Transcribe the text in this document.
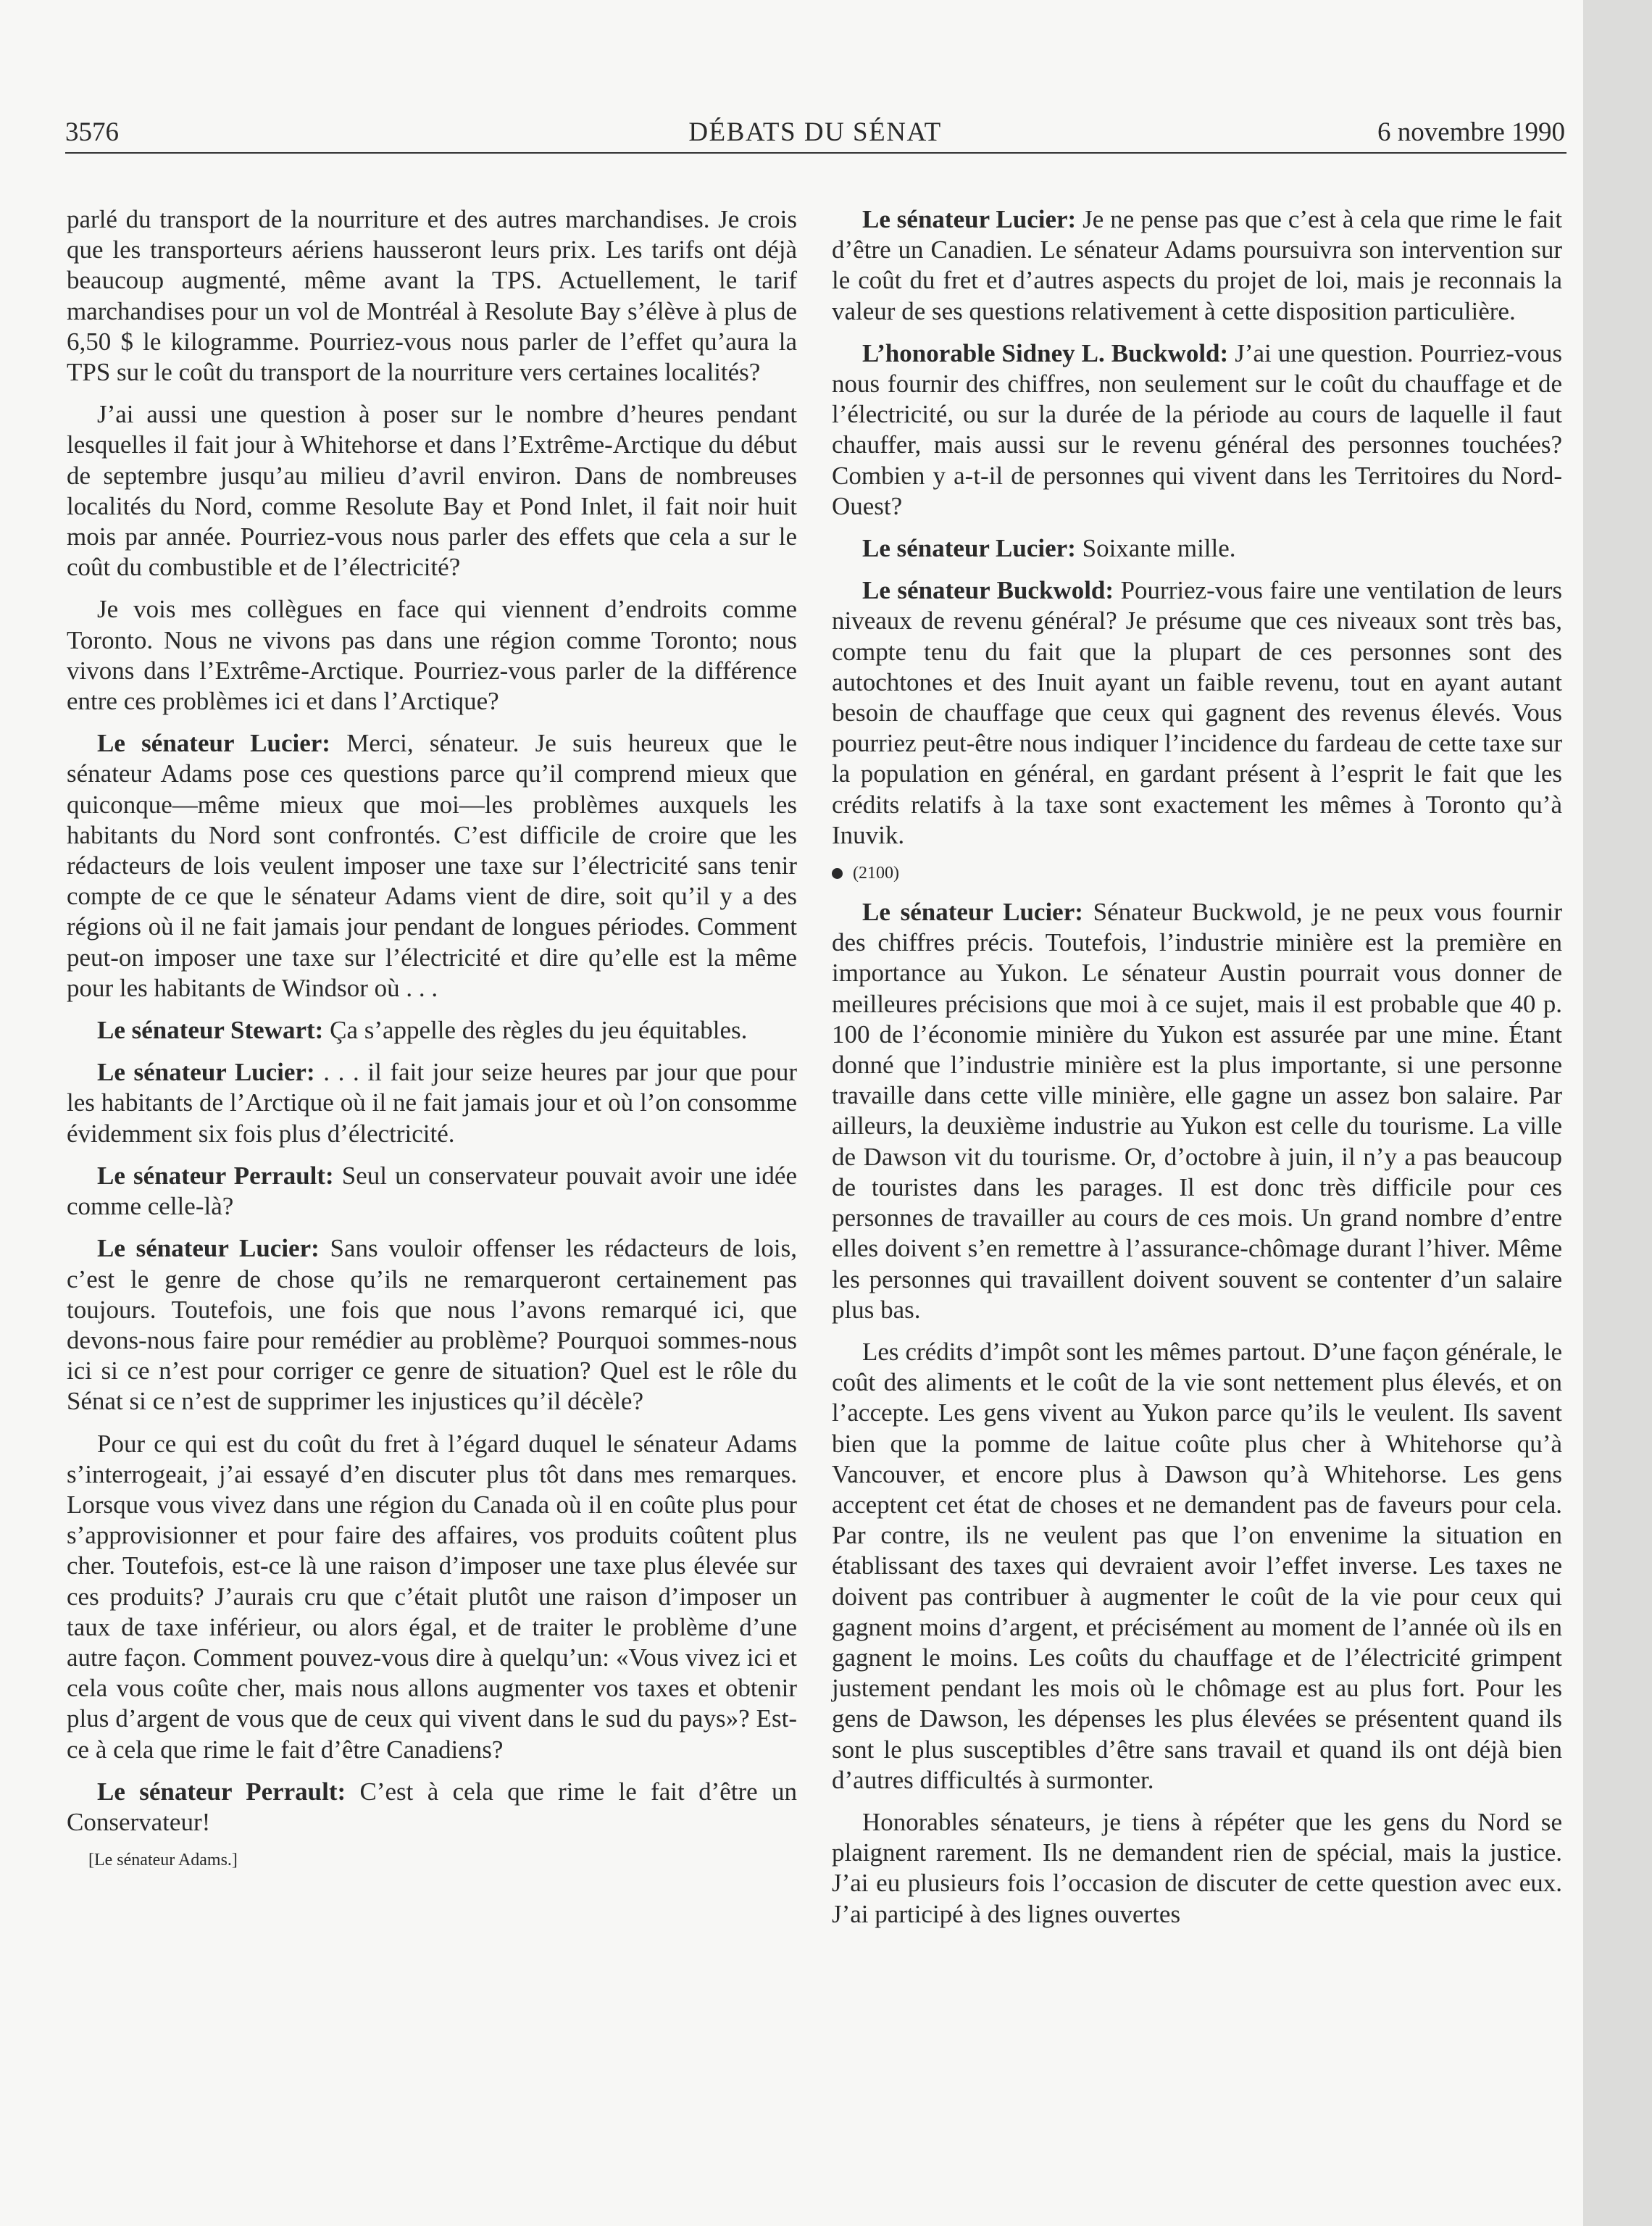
3576	DÉBATS DU SÉNAT	6 novembre 1990

parlé du transport de la nourriture et des autres marchandises. Je crois que les transporteurs aériens hausseront leurs prix. Les tarifs ont déjà beaucoup augmenté, même avant la TPS. Actuellement, le tarif marchandises pour un vol de Montréal à Resolute Bay s’élève à plus de 6,50 $ le kilogramme. Pourriez-vous nous parler de l’effet qu’aura la TPS sur le coût du transport de la nourriture vers certaines localités?

J’ai aussi une question à poser sur le nombre d’heures pendant lesquelles il fait jour à Whitehorse et dans l’Extrême-Arctique du début de septembre jusqu’au milieu d’avril environ. Dans de nombreuses localités du Nord, comme Resolute Bay et Pond Inlet, il fait noir huit mois par année. Pourriez-vous nous parler des effets que cela a sur le coût du combustible et de l’électricité?

Je vois mes collègues en face qui viennent d’endroits comme Toronto. Nous ne vivons pas dans une région comme Toronto; nous vivons dans l’Extrême-Arctique. Pourriez-vous parler de la différence entre ces problèmes ici et dans l’Arctique?

Le sénateur Lucier: Merci, sénateur. Je suis heureux que le sénateur Adams pose ces questions parce qu’il comprend mieux que quiconque—même mieux que moi—les problèmes auxquels les habitants du Nord sont confrontés. C’est difficile de croire que les rédacteurs de lois veulent imposer une taxe sur l’électricité sans tenir compte de ce que le sénateur Adams vient de dire, soit qu’il y a des régions où il ne fait jamais jour pendant de longues périodes. Comment peut-on imposer une taxe sur l’électricité et dire qu’elle est la même pour les habitants de Windsor où . . .

Le sénateur Stewart: Ça s’appelle des règles du jeu équitables.

Le sénateur Lucier: . . . il fait jour seize heures par jour que pour les habitants de l’Arctique où il ne fait jamais jour et où l’on consomme évidemment six fois plus d’électricité.

Le sénateur Perrault: Seul un conservateur pouvait avoir une idée comme celle-là?

Le sénateur Lucier: Sans vouloir offenser les rédacteurs de lois, c’est le genre de chose qu’ils ne remarqueront certainement pas toujours. Toutefois, une fois que nous l’avons remarqué ici, que devons-nous faire pour remédier au problème? Pourquoi sommes-nous ici si ce n’est pour corriger ce genre de situation? Quel est le rôle du Sénat si ce n’est de supprimer les injustices qu’il décèle?

Pour ce qui est du coût du fret à l’égard duquel le sénateur Adams s’interrogeait, j’ai essayé d’en discuter plus tôt dans mes remarques. Lorsque vous vivez dans une région du Canada où il en coûte plus pour s’approvisionner et pour faire des affaires, vos produits coûtent plus cher. Toutefois, est-ce là une raison d’imposer une taxe plus élevée sur ces produits? J’aurais cru que c’était plutôt une raison d’imposer un taux de taxe inférieur, ou alors égal, et de traiter le problème d’une autre façon. Comment pouvez-vous dire à quelqu’un: «Vous vivez ici et cela vous coûte cher, mais nous allons augmenter vos taxes et obtenir plus d’argent de vous que de ceux qui vivent dans le sud du pays»? Est-ce à cela que rime le fait d’être Canadiens?

Le sénateur Perrault: C’est à cela que rime le fait d’être un Conservateur!

[Le sénateur Adams.]

Le sénateur Lucier: Je ne pense pas que c’est à cela que rime le fait d’être un Canadien. Le sénateur Adams poursuivra son intervention sur le coût du fret et d’autres aspects du projet de loi, mais je reconnais la valeur de ses questions relativement à cette disposition particulière.

L’honorable Sidney L. Buckwold: J’ai une question. Pourriez-vous nous fournir des chiffres, non seulement sur le coût du chauffage et de l’électricité, ou sur la durée de la période au cours de laquelle il faut chauffer, mais aussi sur le revenu général des personnes touchées? Combien y a-t-il de personnes qui vivent dans les Territoires du Nord-Ouest?

Le sénateur Lucier: Soixante mille.

Le sénateur Buckwold: Pourriez-vous faire une ventilation de leurs niveaux de revenu général? Je présume que ces niveaux sont très bas, compte tenu du fait que la plupart de ces personnes sont des autochtones et des Inuit ayant un faible revenu, tout en ayant autant besoin de chauffage que ceux qui gagnent des revenus élevés. Vous pourriez peut-être nous indiquer l’incidence du fardeau de cette taxe sur la population en général, en gardant présent à l’esprit le fait que les crédits relatifs à la taxe sont exactement les mêmes à Toronto qu’à Inuvik.

(2100)

Le sénateur Lucier: Sénateur Buckwold, je ne peux vous fournir des chiffres précis. Toutefois, l’industrie minière est la première en importance au Yukon. Le sénateur Austin pourrait vous donner de meilleures précisions que moi à ce sujet, mais il est probable que 40 p. 100 de l’économie minière du Yukon est assurée par une mine. Étant donné que l’industrie minière est la plus importante, si une personne travaille dans cette ville minière, elle gagne un assez bon salaire. Par ailleurs, la deuxième industrie au Yukon est celle du tourisme. La ville de Dawson vit du tourisme. Or, d’octobre à juin, il n’y a pas beaucoup de touristes dans les parages. Il est donc très difficile pour ces personnes de travailler au cours de ces mois. Un grand nombre d’entre elles doivent s’en remettre à l’assurance-chômage durant l’hiver. Même les personnes qui travaillent doivent souvent se contenter d’un salaire plus bas.

Les crédits d’impôt sont les mêmes partout. D’une façon générale, le coût des aliments et le coût de la vie sont nettement plus élevés, et on l’accepte. Les gens vivent au Yukon parce qu’ils le veulent. Ils savent bien que la pomme de laitue coûte plus cher à Whitehorse qu’à Vancouver, et encore plus à Dawson qu’à Whitehorse. Les gens acceptent cet état de choses et ne demandent pas de faveurs pour cela. Par contre, ils ne veulent pas que l’on envenime la situation en établissant des taxes qui devraient avoir l’effet inverse. Les taxes ne doivent pas contribuer à augmenter le coût de la vie pour ceux qui gagnent moins d’argent, et précisément au moment de l’année où ils en gagnent le moins. Les coûts du chauffage et de l’électricité grimpent justement pendant les mois où le chômage est au plus fort. Pour les gens de Dawson, les dépenses les plus élevées se présentent quand ils sont le plus susceptibles d’être sans travail et quand ils ont déjà bien d’autres difficultés à surmonter.

Honorables sénateurs, je tiens à répéter que les gens du Nord se plaignent rarement. Ils ne demandent rien de spécial, mais la justice. J’ai eu plusieurs fois l’occasion de discuter de cette question avec eux. J’ai participé à des lignes ouvertes
